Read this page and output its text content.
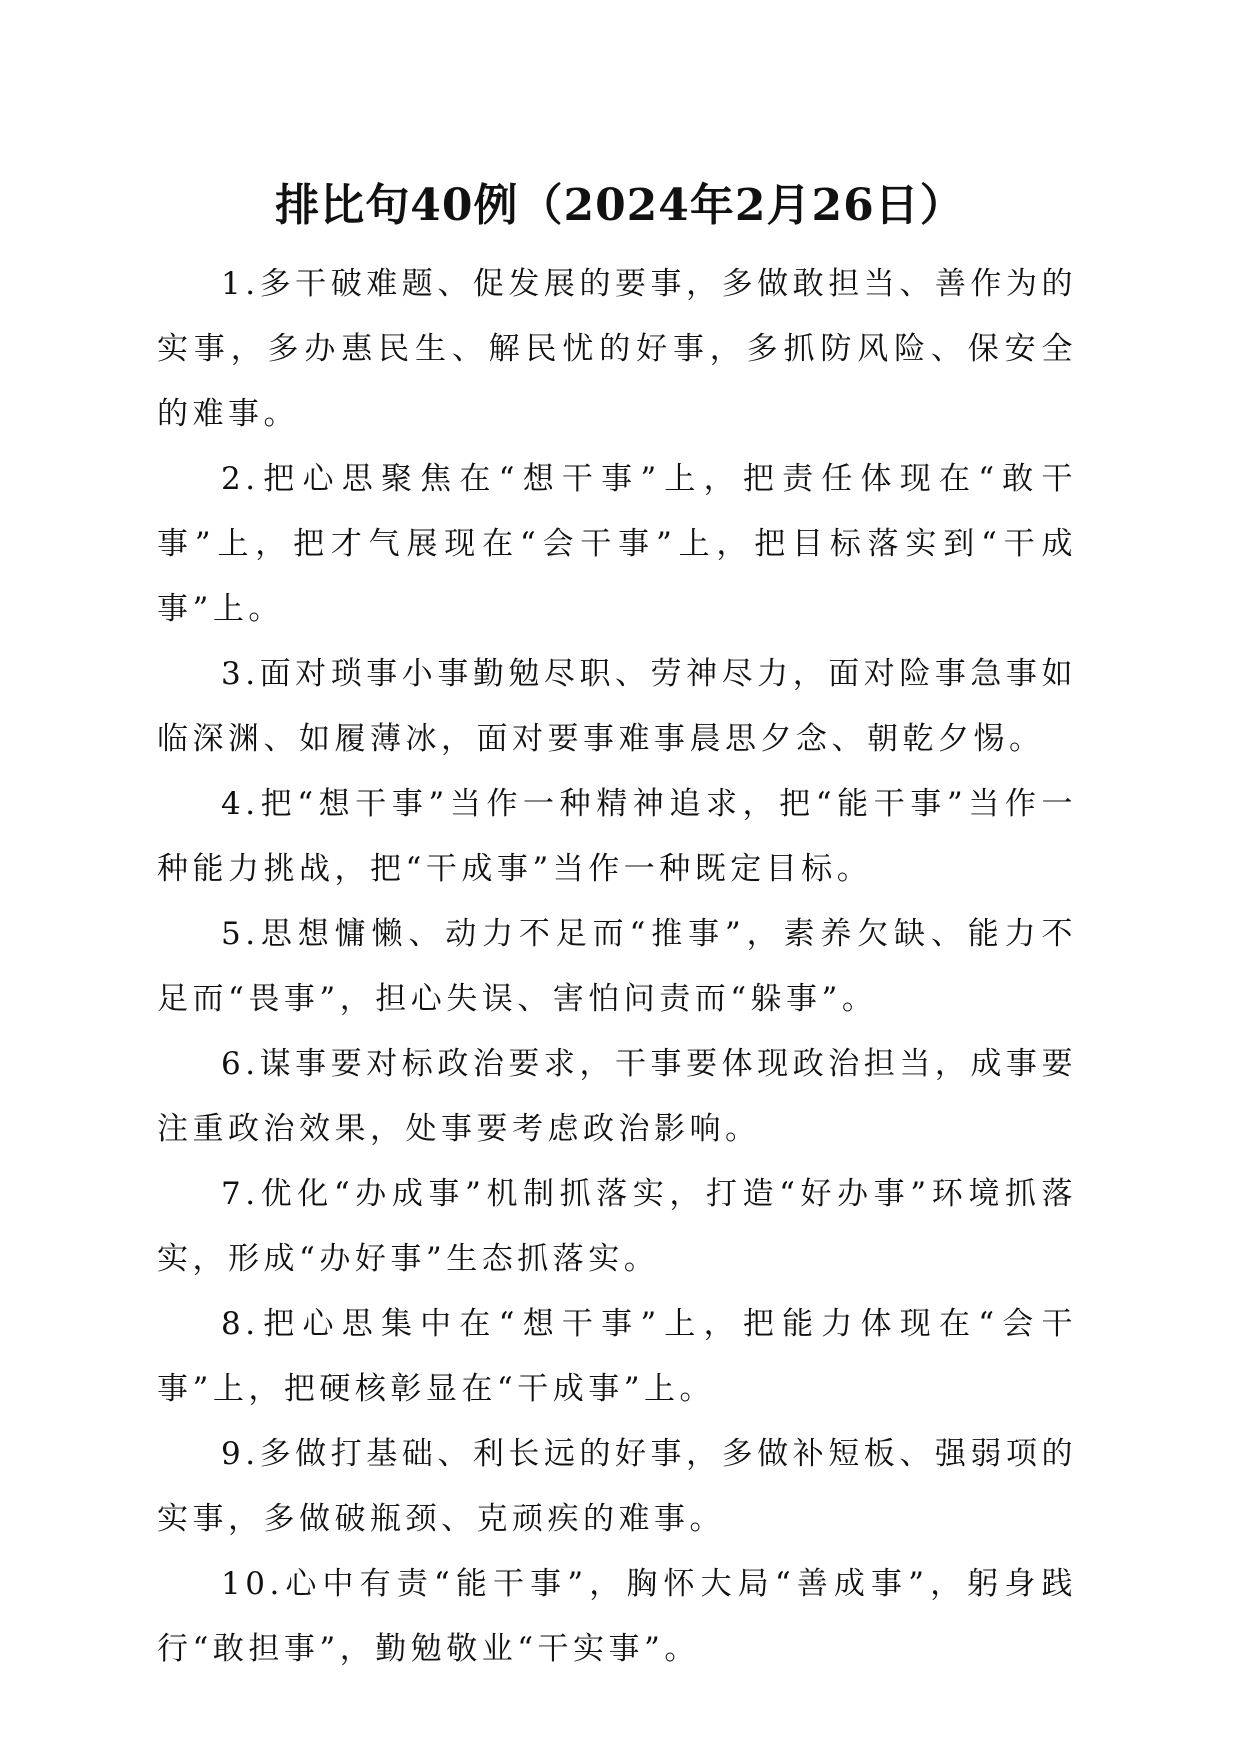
排比句40例（2024年2月26日）

1.多干破难题、促发展的要事，多做敢担当、善作为的实事，多办惠民生、解民忧的好事，多抓防风险、保安全的难事。

2.把心思聚焦在“想干事”上，把责任体现在“敢干事”上，把才气展现在“会干事”上，把目标落实到“干成事”上。

3.面对琐事小事勤勉尽职、劳神尽力，面对险事急事如临深渊、如履薄冰，面对要事难事晨思夕念、朝乾夕惕。

4.把“想干事”当作一种精神追求，把“能干事”当作一种能力挑战，把“干成事”当作一种既定目标。

5.思想慵懒、动力不足而“推事”，素养欠缺、能力不足而“畏事”，担心失误、害怕问责而“躲事”。

6.谋事要对标政治要求，干事要体现政治担当，成事要注重政治效果，处事要考虑政治影响。

7.优化“办成事”机制抓落实，打造“好办事”环境抓落实，形成“办好事”生态抓落实。

8.把心思集中在“想干事”上，把能力体现在“会干事”上，把硬核彰显在“干成事”上。

9.多做打基础、利长远的好事，多做补短板、强弱项的实事，多做破瓶颈、克顽疾的难事。

10.心中有责“能干事”，胸怀大局“善成事”，躬身践行“敢担事”，勤勉敬业“干实事”。
